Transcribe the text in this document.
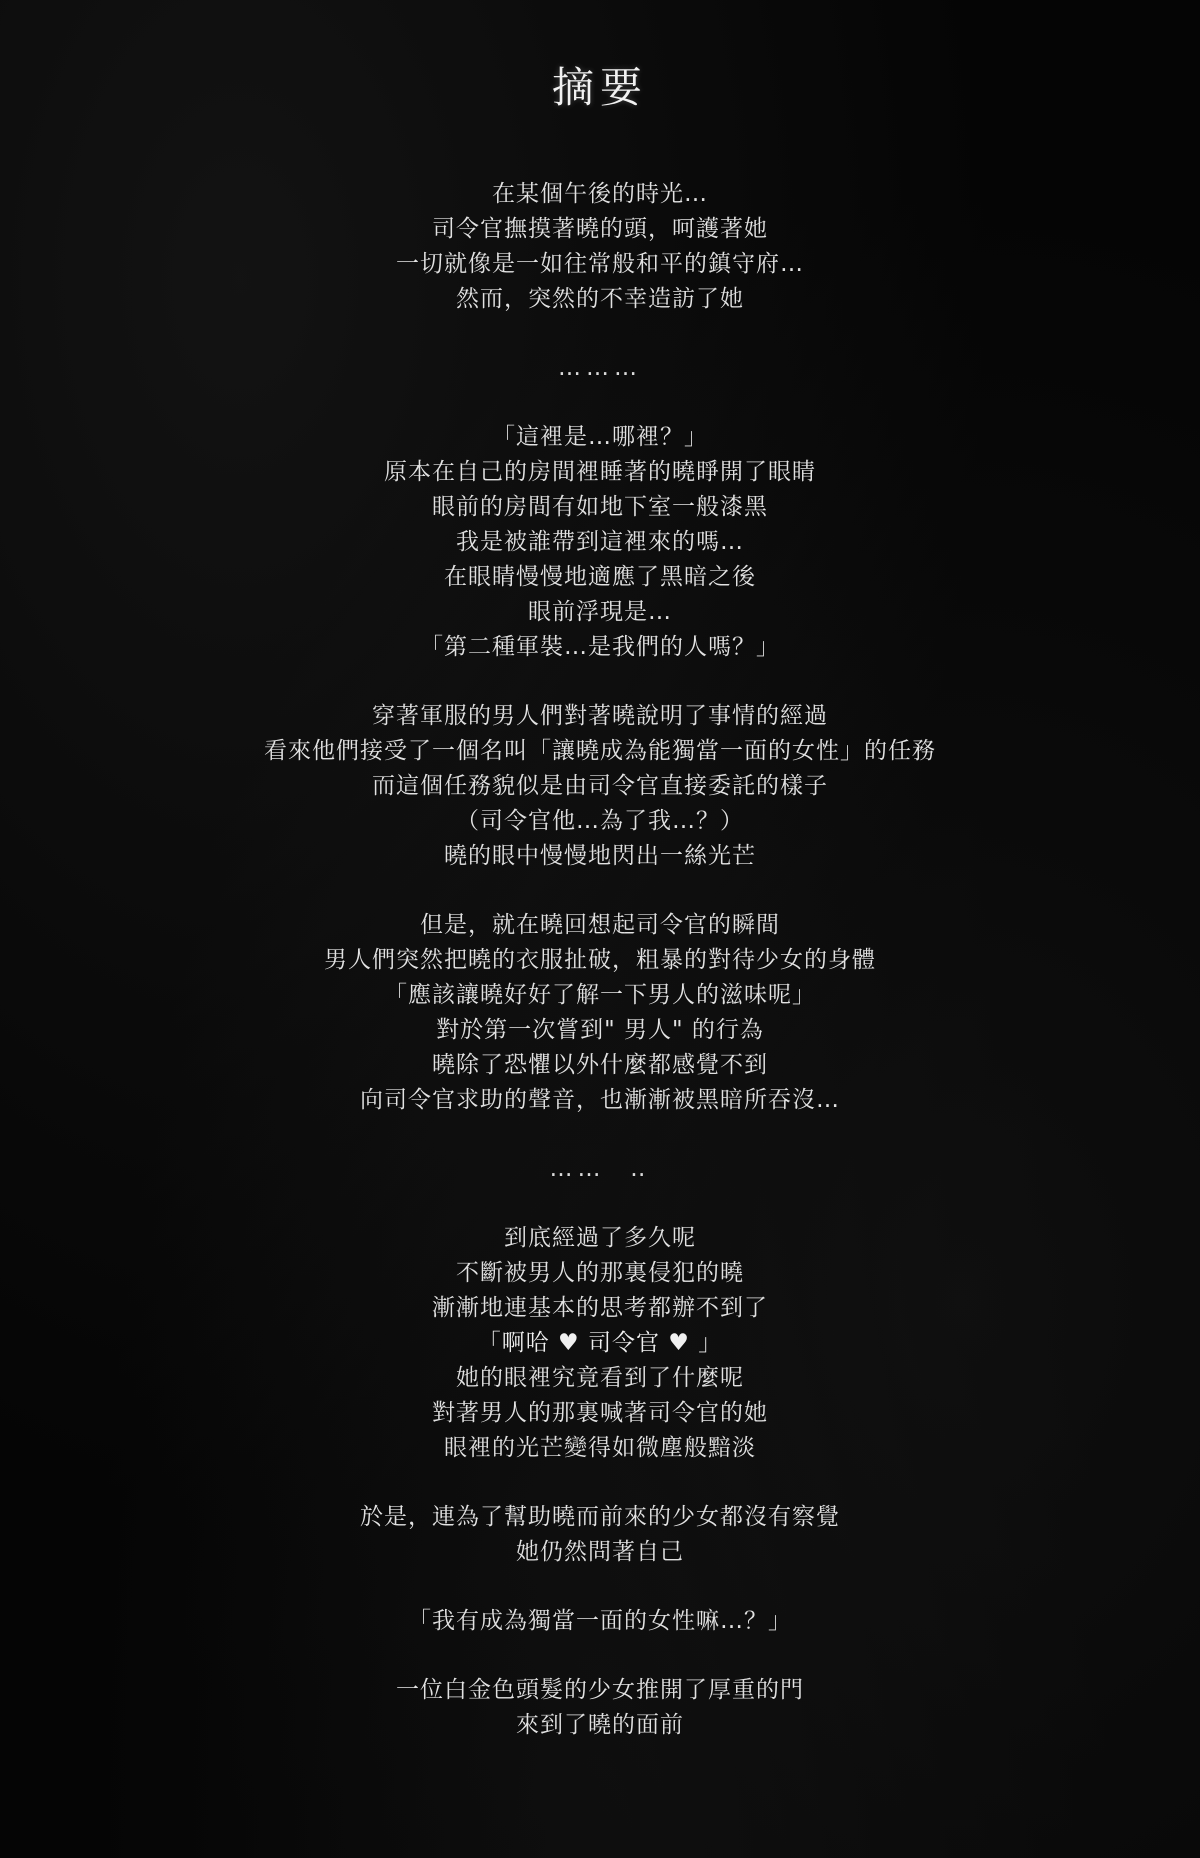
摘要
在某個午後的時光…
司令官撫摸著曉的頭，呵護著她
一切就像是一如往常般和平的鎮守府…
然而，突然的不幸造訪了她
………
「這裡是…哪裡？」
原本在自己的房間裡睡著的曉睜開了眼睛
眼前的房間有如地下室一般漆黑
我是被誰帶到這裡來的嗎…
在眼睛慢慢地適應了黑暗之後
眼前浮現是…
「第二種軍裝…是我們的人嗎？」
穿著軍服的男人們對著曉說明了事情的經過
看來他們接受了一個名叫「讓曉成為能獨當一面的女性」的任務
而這個任務貌似是由司令官直接委託的樣子
（司令官他…為了我…？）
曉的眼中慢慢地閃出一絲光芒
但是，就在曉回想起司令官的瞬間
男人們突然把曉的衣服扯破，粗暴的對待少女的身體
「應該讓曉好好了解一下男人的滋味呢」
對於第一次嘗到" 男人" 的行為
曉除了恐懼以外什麼都感覺不到
向司令官求助的聲音，也漸漸被黑暗所吞沒…
……  ‥
到底經過了多久呢
不斷被男人的那裏侵犯的曉
漸漸地連基本的思考都辦不到了
「啊哈 ♥ 司令官 ♥ 」
她的眼裡究竟看到了什麼呢
對著男人的那裏喊著司令官的她
眼裡的光芒變得如微塵般黯淡
於是，連為了幫助曉而前來的少女都沒有察覺
她仍然問著自己
「我有成為獨當一面的女性嘛…？」
一位白金色頭髮的少女推開了厚重的門
來到了曉的面前
